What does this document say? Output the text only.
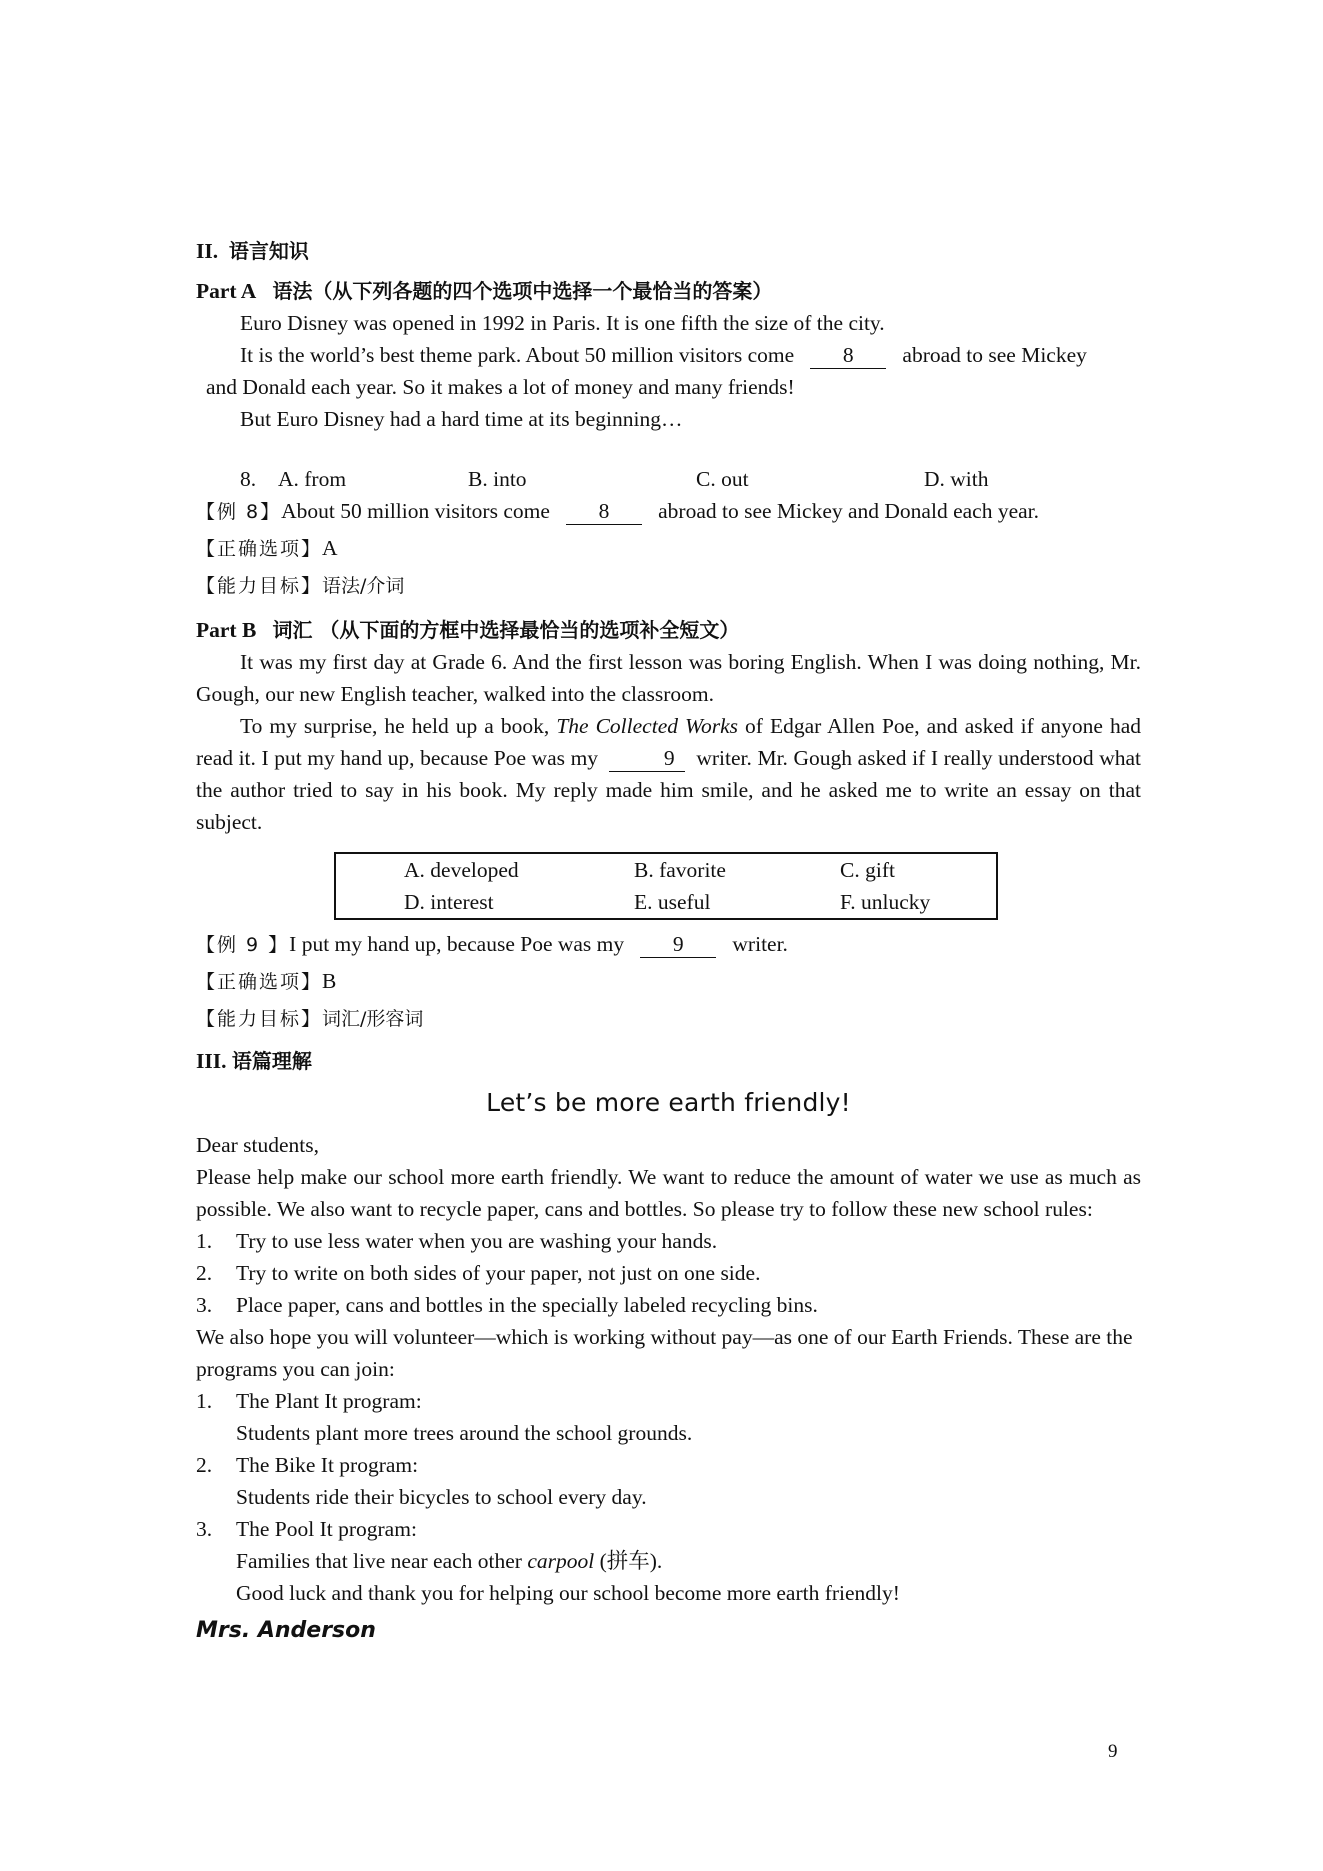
II. 语言知识
Part A 语法（从下列各题的四个选项中选择一个最恰当的答案）

Euro Disney was opened in 1992 in Paris. It is one fifth the size of the city.

It is the world’s best theme park. About 50 million visitors come 8 abroad to see Mickey

and Donald each year. So it makes a lot of money and many friends!

But Euro Disney had a hard time at its beginning…

8.	A. from	B. into	C. out	D. with

【例 8】About 50 million visitors come 8 abroad to see Mickey and Donald each year.

【正确选项】A

【能力目标】语法/介词

Part B 词汇 （从下面的方框中选择最恰当的选项补全短文）

It was my first day at Grade 6. And the first lesson was boring English. When I was doing nothing, Mr. Gough, our new English teacher, walked into the classroom.

To my surprise, he held up a book, The Collected Works of Edgar Allen Poe, and asked if anyone had read it. I put my hand up, because Poe was my	9 writer. Mr. Gough asked if I really understood what the author tried to say in his book. My reply made him smile, and he asked me to write an essay on that subject.

A. developed	B. favorite	C. gift
D. interest	E. useful	F. unlucky

【例 9 】I put my hand up, because Poe was my 9 writer.

【正确选项】B

【能力目标】词汇/形容词

III. 语篇理解
Let’s be more earth friendly!

Dear students,

Please help make our school more earth friendly. We want to reduce the amount of water we use as much as possible. We also want to recycle paper, cans and bottles. So please try to follow these new school rules:

1.	Try to use less water when you are washing your hands.
2.	Try to write on both sides of your paper, not just on one side.
3.	Place paper, cans and bottles in the specially labeled recycling bins.

We also hope you will volunteer—which is working without pay—as one of our Earth Friends. These are the programs you can join:

1.	The Plant It program:
Students plant more trees around the school grounds.
2.	The Bike It program:
Students ride their bicycles to school every day.
3.	The Pool It program:
Families that live near each other carpool (拼车).
Good luck and thank you for helping our school become more earth friendly!
Mrs. Anderson
9
